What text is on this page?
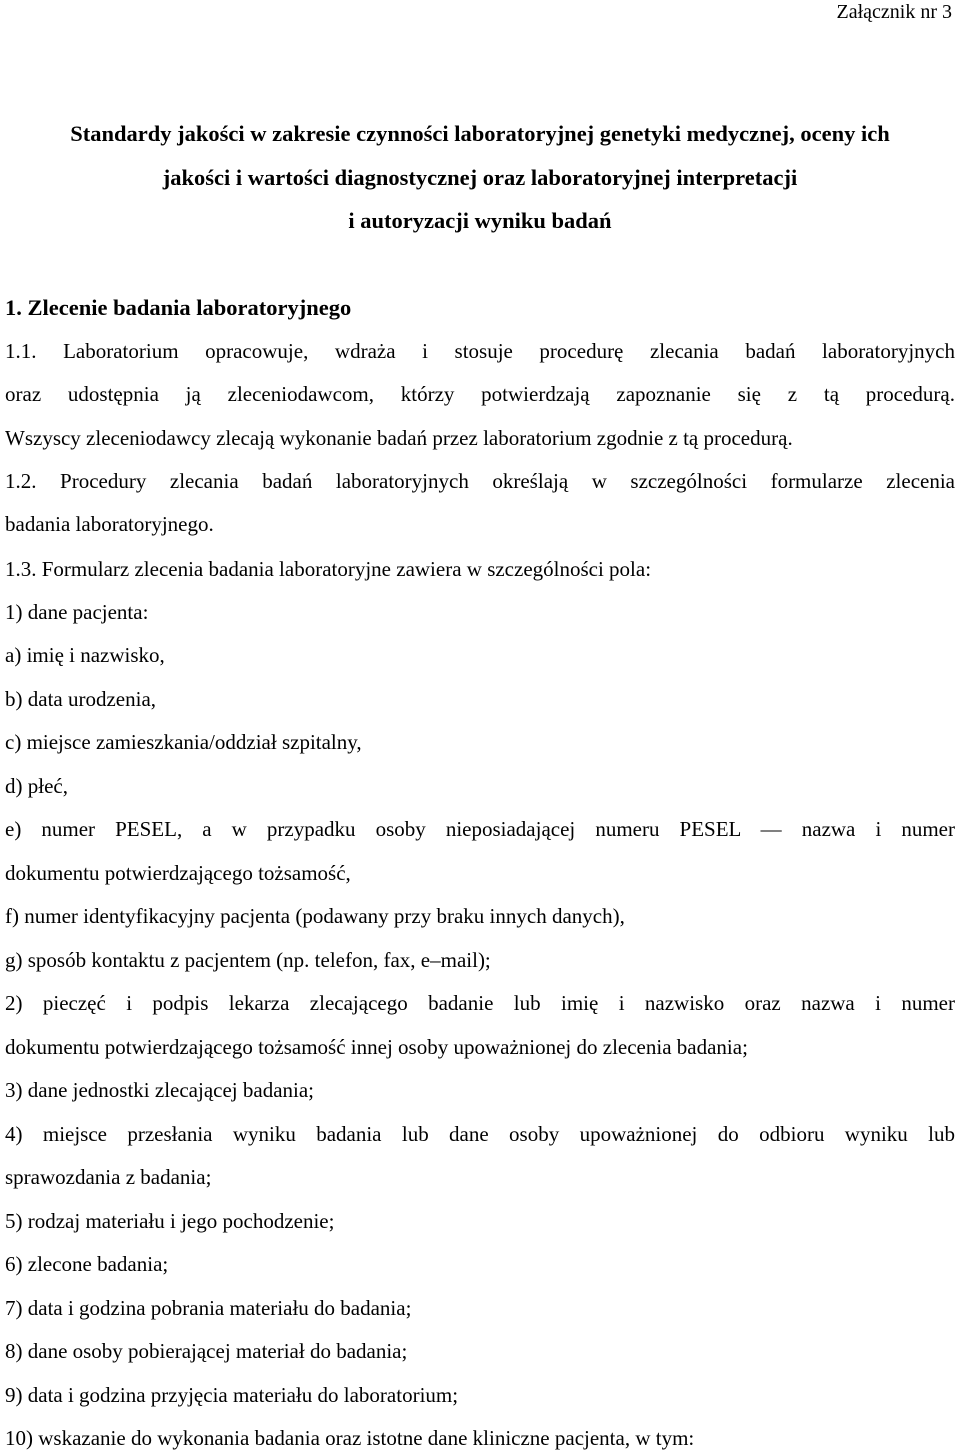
Załącznik nr 3

Standardy jakości w zakresie czynności laboratoryjnej genetyki medycznej, oceny ich
jakości i wartości diagnostycznej oraz laboratoryjnej interpretacji
i autoryzacji wyniku badań
1. Zlecenie badania laboratoryjnego

1.1. Laboratorium opracowuje, wdraża i stosuje procedurę zlecania badań laboratoryjnych

oraz udostępnia ją zleceniodawcom, którzy potwierdzają zapoznanie się z tą procedurą.

Wszyscy zleceniodawcy zlecają wykonanie badań przez laboratorium zgodnie z tą procedurą.

1.2. Procedury zlecania badań laboratoryjnych określają w szczególności formularze zlecenia

badania laboratoryjnego.

1.3. Formularz zlecenia badania laboratoryjne zawiera w szczególności pola:

1) dane pacjenta:

a) imię i nazwisko,

b) data urodzenia,

c) miejsce zamieszkania/oddział szpitalny,

d) płeć,

e) numer PESEL, a w przypadku osoby nieposiadającej numeru PESEL — nazwa i numer

dokumentu potwierdzającego tożsamość,

f) numer identyfikacyjny pacjenta (podawany przy braku innych danych),

g) sposób kontaktu z pacjentem (np. telefon, fax, e–mail);

2) pieczęć i podpis lekarza zlecającego badanie lub imię i nazwisko oraz nazwa i numer

dokumentu potwierdzającego tożsamość innej osoby upoważnionej do zlecenia badania;

3) dane jednostki zlecającej badania;

4) miejsce przesłania wyniku badania lub dane osoby upoważnionej do odbioru wyniku lub

sprawozdania z badania;

5) rodzaj materiału i jego pochodzenie;

6) zlecone badania;

7) data i godzina pobrania materiału do badania;

8) dane osoby pobierającej materiał do badania;

9) data i godzina przyjęcia materiału do laboratorium;

10) wskazanie do wykonania badania oraz istotne dane kliniczne pacjenta, w tym:
